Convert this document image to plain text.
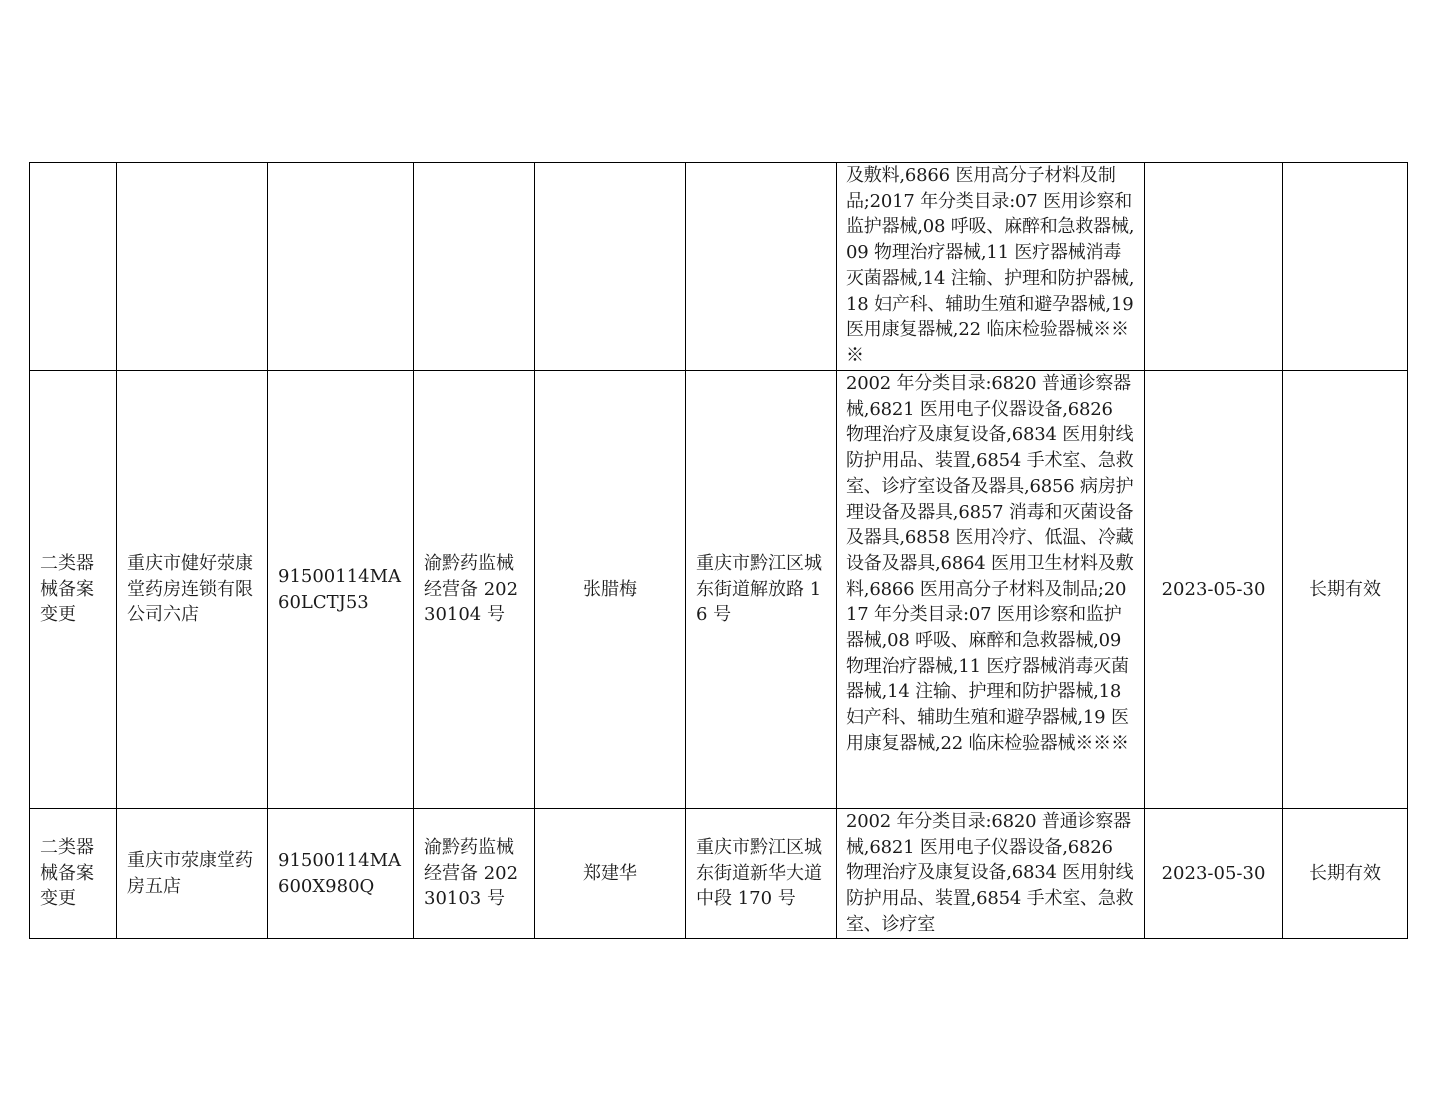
						及敷料,6866 医用高分子材料及制品;2017 年分类目录:07 医用诊察和监护器械,08 呼吸、麻醉和急救器械,09 物理治疗器械,11 医疗器械消毒灭菌器械,14 注输、护理和防护器械,18 妇产科、辅助生殖和避孕器械,19 医用康复器械,22 临床检验器械※※※		

二类器械备案变更	重庆市健好荥康堂药房连锁有限公司六店	91500114MA60LCTJ53	渝黔药监械经营备 20230104 号	张腊梅	重庆市黔江区城东街道解放路 16 号	2002 年分类目录:6820 普通诊察器械,6821 医用电子仪器设备,6826 物理治疗及康复设备,6834 医用射线防护用品、装置,6854 手术室、急救室、诊疗室设备及器具,6856 病房护理设备及器具,6857 消毒和灭菌设备及器具,6858 医用冷疗、低温、冷藏设备及器具,6864 医用卫生材料及敷料,6866 医用高分子材料及制品;2017 年分类目录:07 医用诊察和监护器械,08 呼吸、麻醉和急救器械,09 物理治疗器械,11 医疗器械消毒灭菌器械,14 注输、护理和防护器械,18 妇产科、辅助生殖和避孕器械,19 医用康复器械,22 临床检验器械※※※	2023-05-30	长期有效
二类器械备案变更	重庆市荥康堂药房五店	91500114MA600X980Q	渝黔药监械经营备 20230103 号	郑建华	重庆市黔江区城东街道新华大道中段 170 号	2002 年分类目录:6820 普通诊察器械,6821 医用电子仪器设备,6826 物理治疗及康复设备,6834 医用射线防护用品、装置,6854 手术室、急救室、诊疗室	2023-05-30	长期有效
